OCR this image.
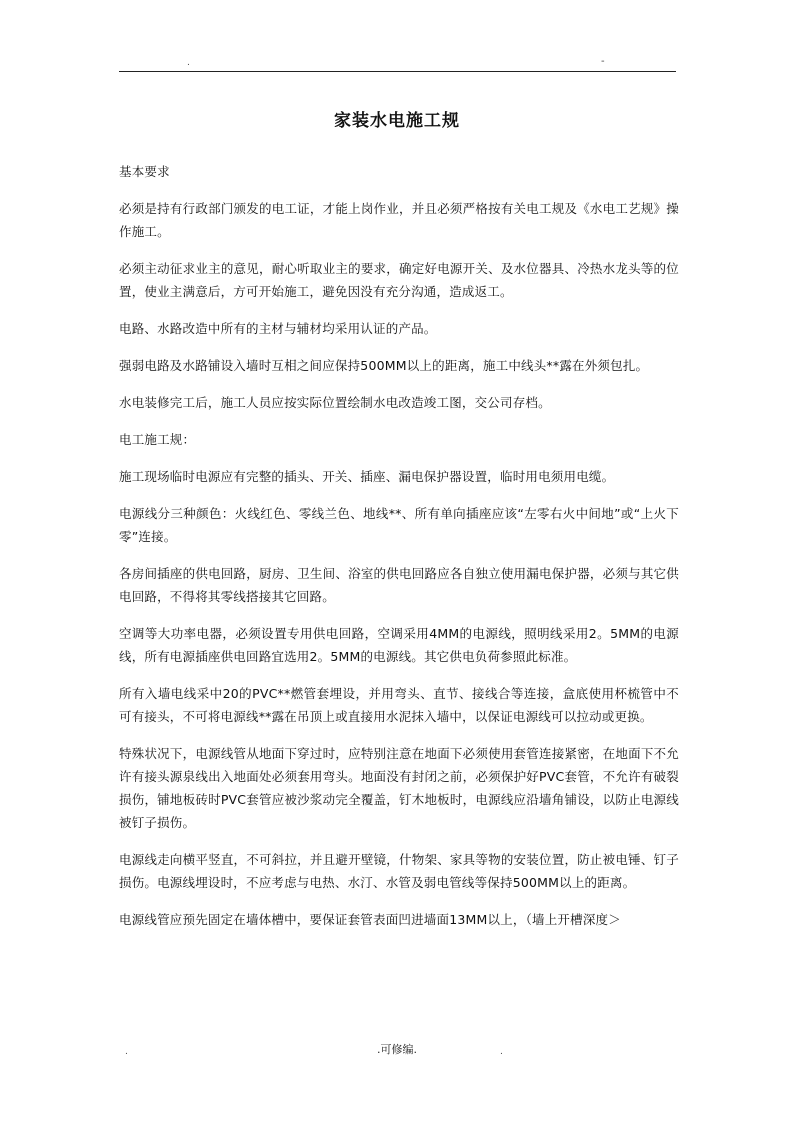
.	-
家装水电施工规

基本要求

必须是持有行政部门颁发的电工证，才能上岗作业，并且必须严格按有关电工规及《水电工艺规》操作施工。

必须主动征求业主的意见，耐心听取业主的要求，确定好电源开关、及水位器具、冷热水龙头等的位置，使业主满意后，方可开始施工，避免因没有充分沟通，造成返工。

电路、水路改造中所有的主材与辅材均采用认证的产品。

强弱电路及水路铺设入墙时互相之间应保持500MM以上的距离，施工中线头**露在外须包扎。

水电装修完工后，施工人员应按实际位置绘制水电改造竣工图，交公司存档。

电工施工规：

施工现场临时电源应有完整的插头、开关、插座、漏电保护器设置，临时用电须用电缆。

电源线分三种颜色：火线红色、零线兰色、地线**、所有单向插座应该“左零右火中间地”或“上火下零”连接。

各房间插座的供电回路，厨房、卫生间、浴室的供电回路应各自独立使用漏电保护器，必须与其它供电回路，不得将其零线搭接其它回路。

空调等大功率电器，必须设置专用供电回路，空调采用4MM的电源线，照明线采用2。5MM的电源线，所有电源插座供电回路宜选用2。5MM的电源线。其它供电负荷参照此标准。

所有入墙电线采中20的PVC**燃管套埋设，并用弯头、直节、接线合等连接，盒底使用杯梳管中不可有接头，不可将电源线**露在吊顶上或直接用水泥抹入墙中，以保证电源线可以拉动或更换。

特殊状况下，电源线管从地面下穿过时，应特别注意在地面下必须使用套管连接紧密，在地面下不允许有接头源泉线出入地面处必须套用弯头。地面没有封闭之前，必须保护好PVC套管，不允许有破裂损伤，铺地板砖时PVC套管应被沙浆动完全覆盖，钉木地板时，电源线应沿墙角铺设，以防止电源线被钉子损伤。

电源线走向横平竖直，不可斜拉，并且避开壁镜，什物架、家具等物的安装位置，防止被电锤、钉子损伤。电源线埋设时，不应考虑与电热、水汀、水管及弱电管线等保持500MM以上的距离。

电源线管应预先固定在墙体槽中，要保证套管表面凹进墙面13MM以上，（墙上开槽深度＞

.	.可修编.	.
